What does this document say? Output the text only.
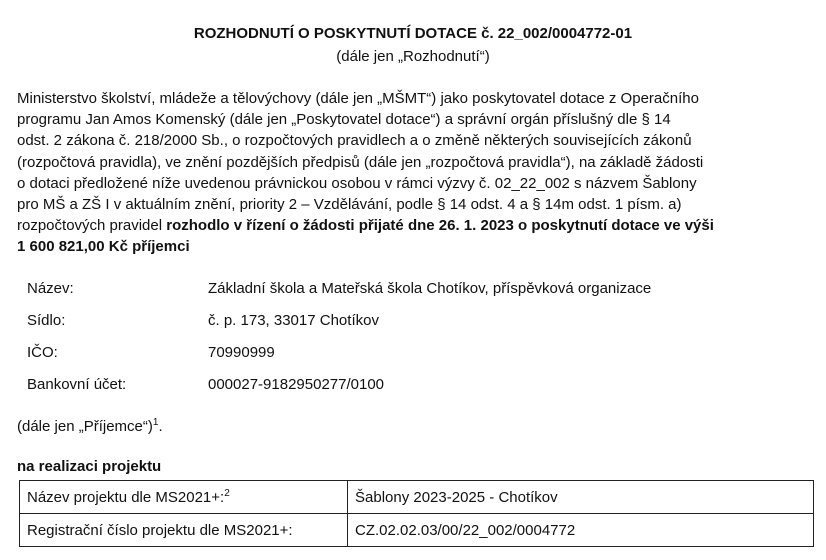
ROZHODNUTÍ O POSKYTNUTÍ DOTACE č. 22_002/0004772-01
(dále jen „Rozhodnutí“)
Ministerstvo školství, mládeže a tělovýchovy (dále jen „MŠMT“) jako poskytovatel dotace z Operačního
programu Jan Amos Komenský (dále jen „Poskytovatel dotace“) a správní orgán příslušný dle § 14
odst. 2 zákona č. 218/2000 Sb., o rozpočtových pravidlech a o změně některých souvisejících zákonů
(rozpočtová pravidla), ve znění pozdějších předpisů (dále jen „rozpočtová pravidla“), na základě žádosti
o dotaci předložené níže uvedenou právnickou osobou v rámci výzvy č. 02_22_002 s názvem Šablony
pro MŠ a ZŠ I v aktuálním znění, priority 2 – Vzdělávání, podle § 14 odst. 4 a § 14m odst. 1 písm. a)
rozpočtových pravidel rozhodlo v řízení o žádosti přijaté dne 26. 1. 2023 o poskytnutí dotace ve výši
1 600 821,00 Kč příjemci
Název:	Základní škola a Mateřská škola Chotíkov, příspěvková organizace
Sídlo:	č. p. 173, 33017 Chotíkov
IČO:	70990999
Bankovní účet:	000027-9182950277/0100
(dále jen „Příjemce“)$^1$.
na realizaci projektu
Název projektu dle MS2021+:$^2$	Šablony 2023-2025 - Chotíkov
Registrační číslo projektu dle MS2021+:	CZ.02.02.03/00/22_002/0004772
